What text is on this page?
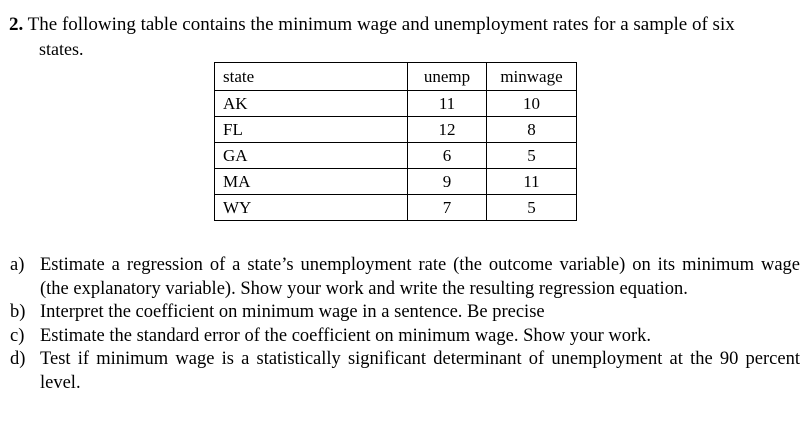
2. The following table contains the minimum wage and unemployment rates for a sample of six
states.
state	unemp	minwage
AK	11	10
FL	12	8
GA	6	5
MA	9	11
WY	7	5
a) Estimate a regression of a state’s unemployment rate (the outcome variable) on its minimum wage (the explanatory variable). Show your work and write the resulting regression equation.
b) Interpret the coefficient on minimum wage in a sentence. Be precise
c) Estimate the standard error of the coefficient on minimum wage. Show your work.
d) Test if minimum wage is a statistically significant determinant of unemployment at the 90 percent level.
